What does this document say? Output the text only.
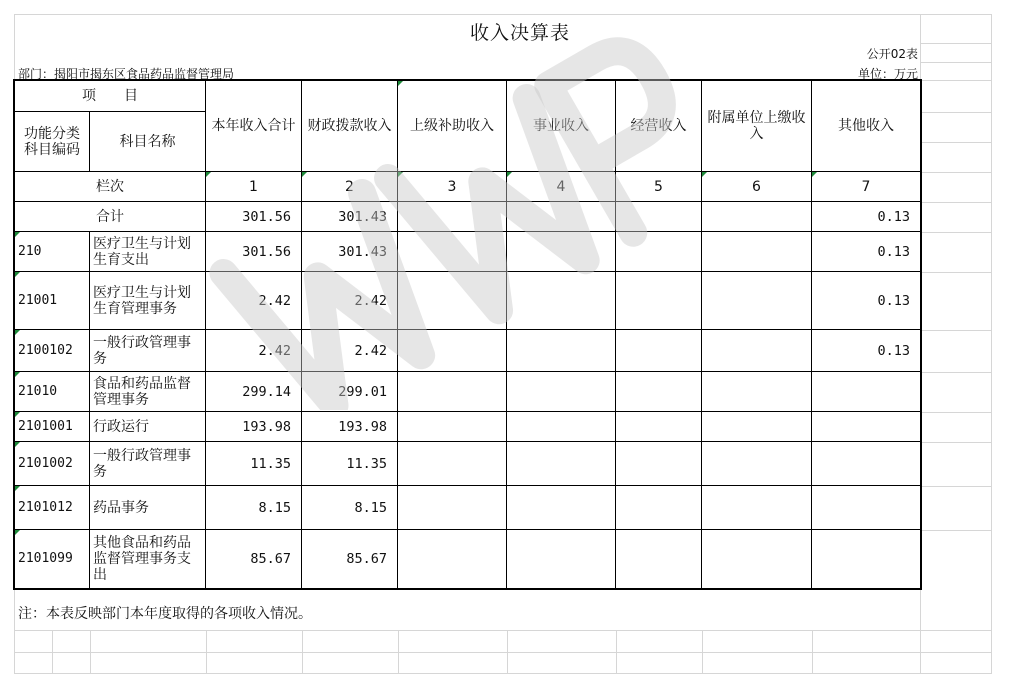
收入决算表
公开02表
部门：揭阳市揭东区食品药品监督管理局	单位：万元
项　　目		本年收入合计	财政拨款收入	上级补助收入	事业收入	经营收入	附属单位上缴收入	其他收入
功能分类科目编码	科目名称							
栏次		1	2	3	4	5	6	7
合计		301.56	301.43					0.13
210	医疗卫生与计划生育支出	301.56	301.43					0.13
21001	医疗卫生与计划生育管理事务	2.42	2.42					0.13
2100102	一般行政管理事务	2.42	2.42					0.13
21010	食品和药品监督管理事务	299.14	299.01					
2101001	行政运行	193.98	193.98					
2101002	一般行政管理事务	11.35	11.35					
2101012	药品事务	8.15	8.15					
2101099	其他食品和药品监督管理事务支出	85.67	85.67					
注：本表反映部门本年度取得的各项收入情况。
